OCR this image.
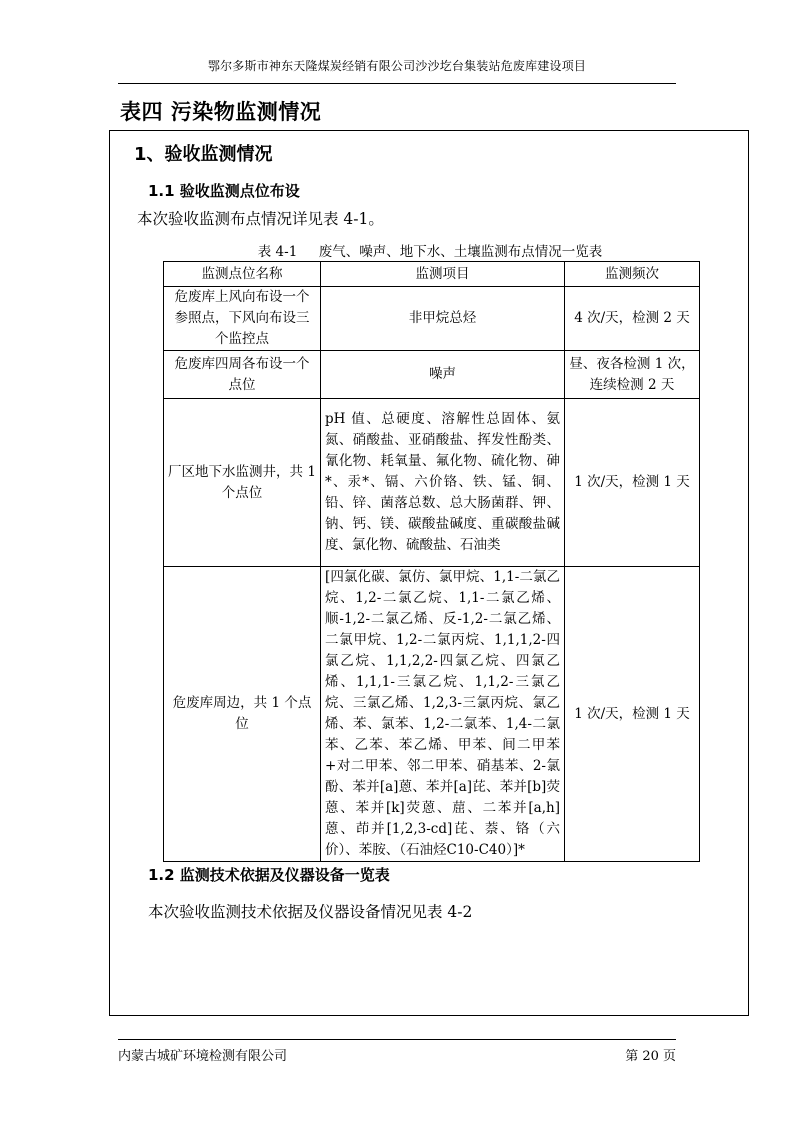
鄂尔多斯市神东天隆煤炭经销有限公司沙沙圪台集装站危废库建设项目
表四 污染物监测情况
1、验收监测情况
1.1 验收监测点位布设
本次验收监测布点情况详见表 4-1。
表 4-1     废气、噪声、地下水、土壤监测布点情况一览表
监测点位名称	监测项目	监测频次
危废库上风向布设一个参照点，下风向布设三个监控点	非甲烷总烃	4 次/天，检测 2 天
危废库四周各布设一个点位	噪声	昼、夜各检测 1 次，连续检测 2 天
厂区地下水监测井，共 1 个点位	pH 值、总硬度、溶解性总固体、氨氮、硝酸盐、亚硝酸盐、挥发性酚类、氰化物、耗氧量、氟化物、硫化物、砷*、汞*、镉、六价铬、铁、锰、铜、铅、锌、菌落总数、总大肠菌群、钾、钠、钙、镁、碳酸盐碱度、重碳酸盐碱度、氯化物、硫酸盐、石油类	1 次/天，检测 1 天
危废库周边，共 1 个点位	[四氯化碳、氯仿、氯甲烷、1,1-二氯乙烷、1,2-二氯乙烷、1,1-二氯乙烯、顺-1,2-二氯乙烯、反-1,2-二氯乙烯、二氯甲烷、1,2-二氯丙烷、1,1,1,2-四氯乙烷、1,1,2,2-四氯乙烷、四氯乙烯、1,1,1-三氯乙烷、1,1,2-三氯乙烷、三氯乙烯、1,2,3-三氯丙烷、氯乙烯、苯、氯苯、1,2-二氯苯、1,4-二氯苯、乙苯、苯乙烯、甲苯、间二甲苯+对二甲苯、邻二甲苯、硝基苯、2-氯酚、苯并[a]蒽、苯并[a]芘、苯并[b]荧蒽、苯并[k]荧蒽、䓛、二苯并[a,h]蒽、茚并[1,2,3-cd]芘、萘、铬（六价）、苯胺、（石油烃C10-C40）]*	1 次/天，检测 1 天
1.2 监测技术依据及仪器设备一览表
本次验收监测技术依据及仪器设备情况见表 4-2
内蒙古城矿环境检测有限公司	第 20 页
